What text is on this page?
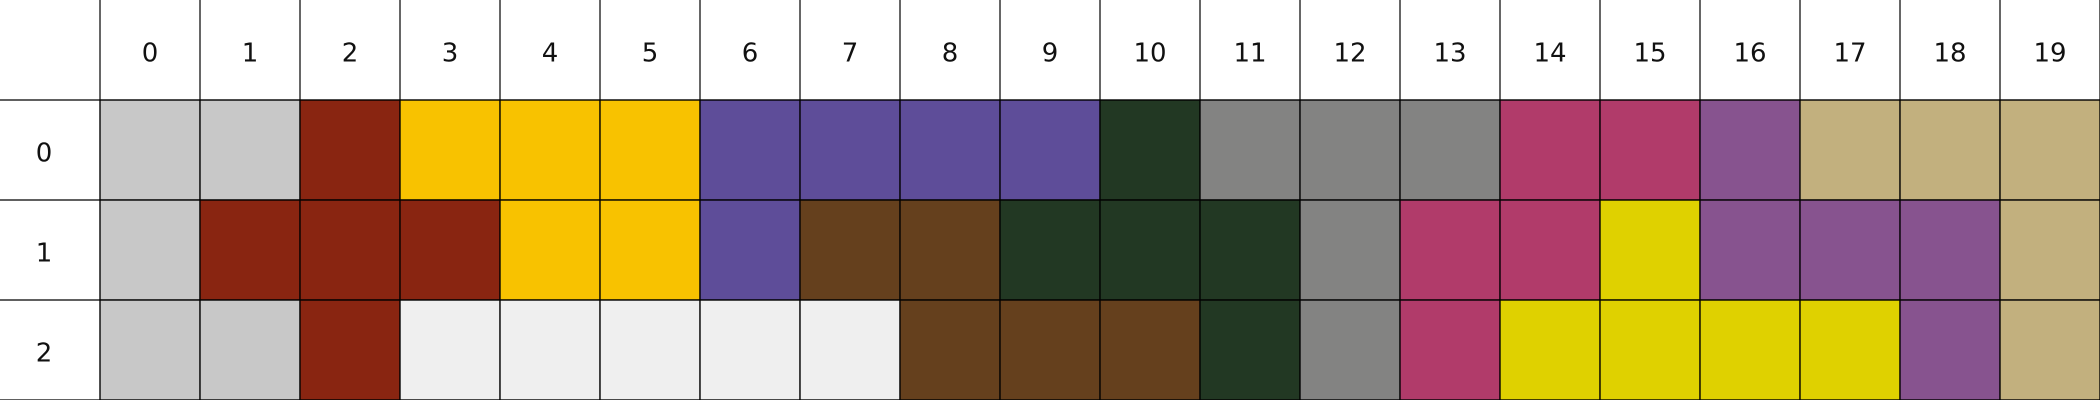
0	1	2	3	4	5	6	7	8	9	10	11	12	13	14	15	16	17	18	19
0
1
2
